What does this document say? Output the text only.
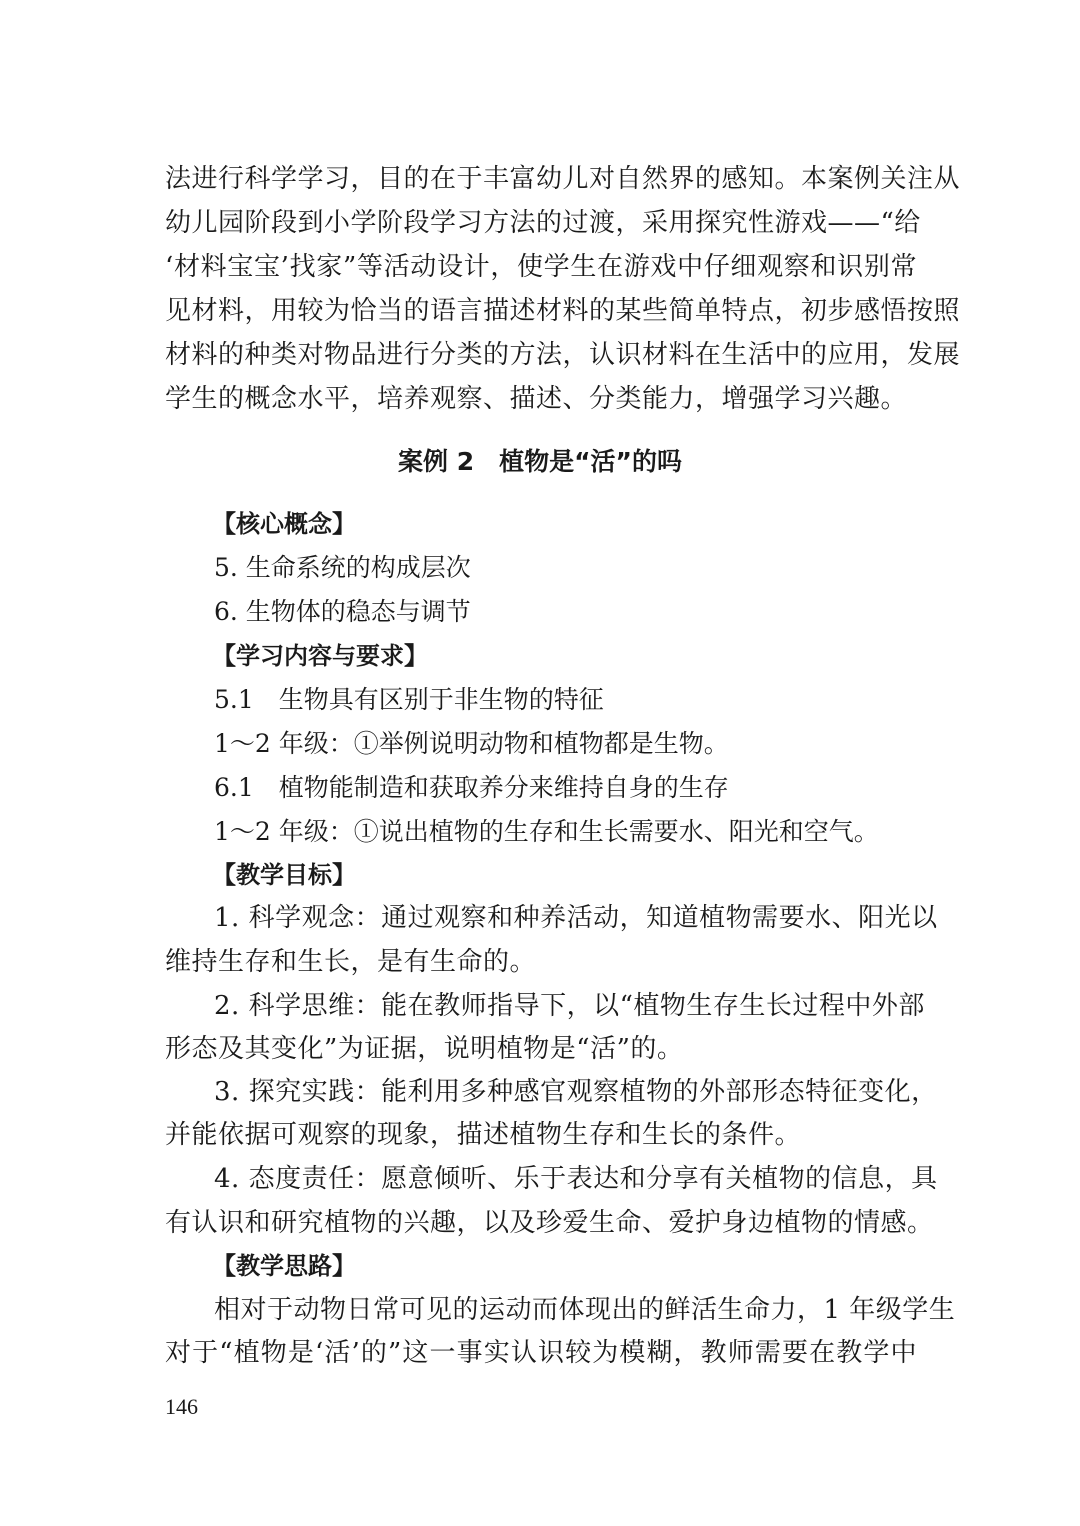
法进行科学学习，目的在于丰富幼儿对自然界的感知。本案例关注从
幼儿园阶段到小学阶段学习方法的过渡，采用探究性游戏——“给
‘材料宝宝’找家”等活动设计，使学生在游戏中仔细观察和识别常
见材料，用较为恰当的语言描述材料的某些简单特点，初步感悟按照
材料的种类对物品进行分类的方法，认识材料在生活中的应用，发展
学生的概念水平，培养观察、描述、分类能力，增强学习兴趣。
案例 2　植物是“活”的吗
【核心概念】
5. 生命系统的构成层次
6. 生物体的稳态与调节
【学习内容与要求】
5.1　生物具有区别于非生物的特征
1～2 年级：①举例说明动物和植物都是生物。
6.1　植物能制造和获取养分来维持自身的生存
1～2 年级：①说出植物的生存和生长需要水、阳光和空气。
【教学目标】
1. 科学观念：通过观察和种养活动，知道植物需要水、阳光以
维持生存和生长，是有生命的。
2. 科学思维：能在教师指导下，以“植物生存生长过程中外部
形态及其变化”为证据，说明植物是“活”的。
3. 探究实践：能利用多种感官观察植物的外部形态特征变化，
并能依据可观察的现象，描述植物生存和生长的条件。
4. 态度责任：愿意倾听、乐于表达和分享有关植物的信息，具
有认识和研究植物的兴趣，以及珍爱生命、爱护身边植物的情感。
【教学思路】
相对于动物日常可见的运动而体现出的鲜活生命力，1 年级学生
对于“植物是‘活’的”这一事实认识较为模糊，教师需要在教学中
146
